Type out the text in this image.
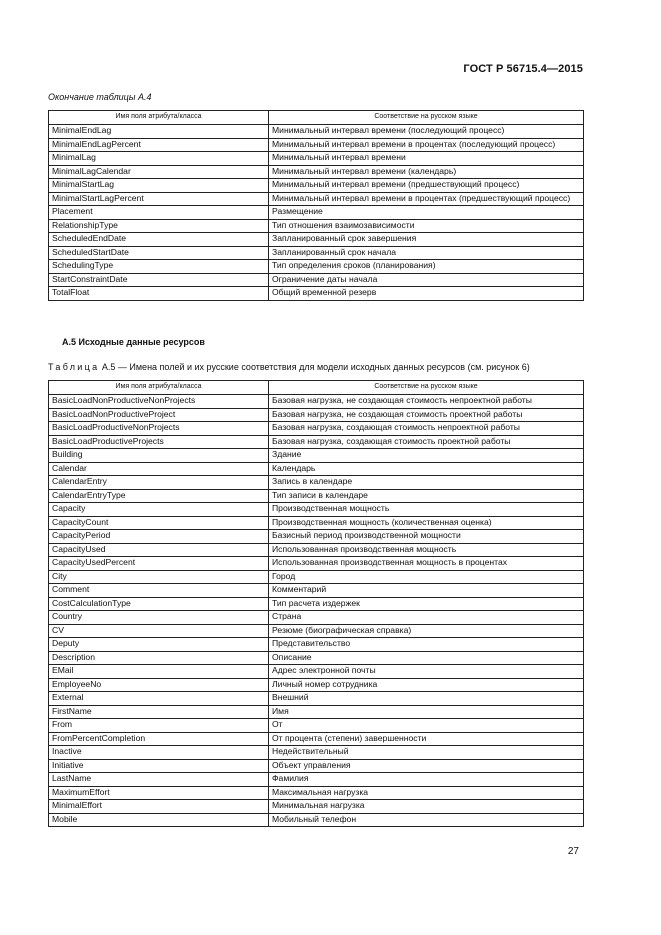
ГОСТ Р 56715.4—2015
Окончание таблицы А.4
Имя поля атрибута/класса	Соответствие на русском языке
MinimalEndLag	Минимальный интервал времени (последующий процесс)
MinimalEndLagPercent	Минимальный интервал времени в процентах (последующий процесс)
MinimalLag	Минимальный интервал времени
MinimalLagCalendar	Минимальный интервал времени (календарь)
MinimalStartLag	Минимальный интервал времени (предшествующий процесс)
MinimalStartLagPercent	Минимальный интервал времени в процентах (предшествующий процесс)
Placement	Размещение
RelationshipType	Тип отношения взаимозависимости
ScheduledEndDate	Запланированный срок завершения
ScheduledStartDate	Запланированный срок начала
SchedulingType	Тип определения сроков (планирования)
StartConstraintDate	Ограничение даты начала
TotalFloat	Общий временной резерв
А.5 Исходные данные ресурсов
Таблица А.5 — Имена полей и их русские соответствия для модели исходных данных ресурсов (см. рисунок 6)
Имя поля атрибута/класса	Соответствие на русском языке
BasicLoadNonProductiveNonProjects	Базовая нагрузка, не создающая стоимость непроектной работы
BasicLoadNonProductiveProject	Базовая нагрузка, не создающая стоимость проектной работы
BasicLoadProductiveNonProjects	Базовая нагрузка, создающая стоимость непроектной работы
BasicLoadProductiveProjects	Базовая нагрузка, создающая стоимость проектной работы
Building	Здание
Calendar	Календарь
CalendarEntry	Запись в календаре
CalendarEntryType	Тип записи в календаре
Capacity	Производственная мощность
CapacityCount	Производственная мощность (количественная оценка)
CapacityPeriod	Базисный период производственной мощности
CapacityUsed	Использованная производственная мощность
CapacityUsedPercent	Использованная производственная мощность в процентах
City	Город
Comment	Комментарий
CostCalculationType	Тип расчета издержек
Country	Страна
CV	Резюме (биографическая справка)
Deputy	Представительство
Description	Описание
EMail	Адрес электронной почты
EmployeeNo	Личный номер сотрудника
External	Внешний
FirstName	Имя
From	От
FromPercentCompletion	От процента (степени) завершенности
Inactive	Недействительный
Initiative	Объект управления
LastName	Фамилия
MaximumEffort	Максимальная нагрузка
MinimalEffort	Минимальная нагрузка
Mobile	Мобильный телефон
27
